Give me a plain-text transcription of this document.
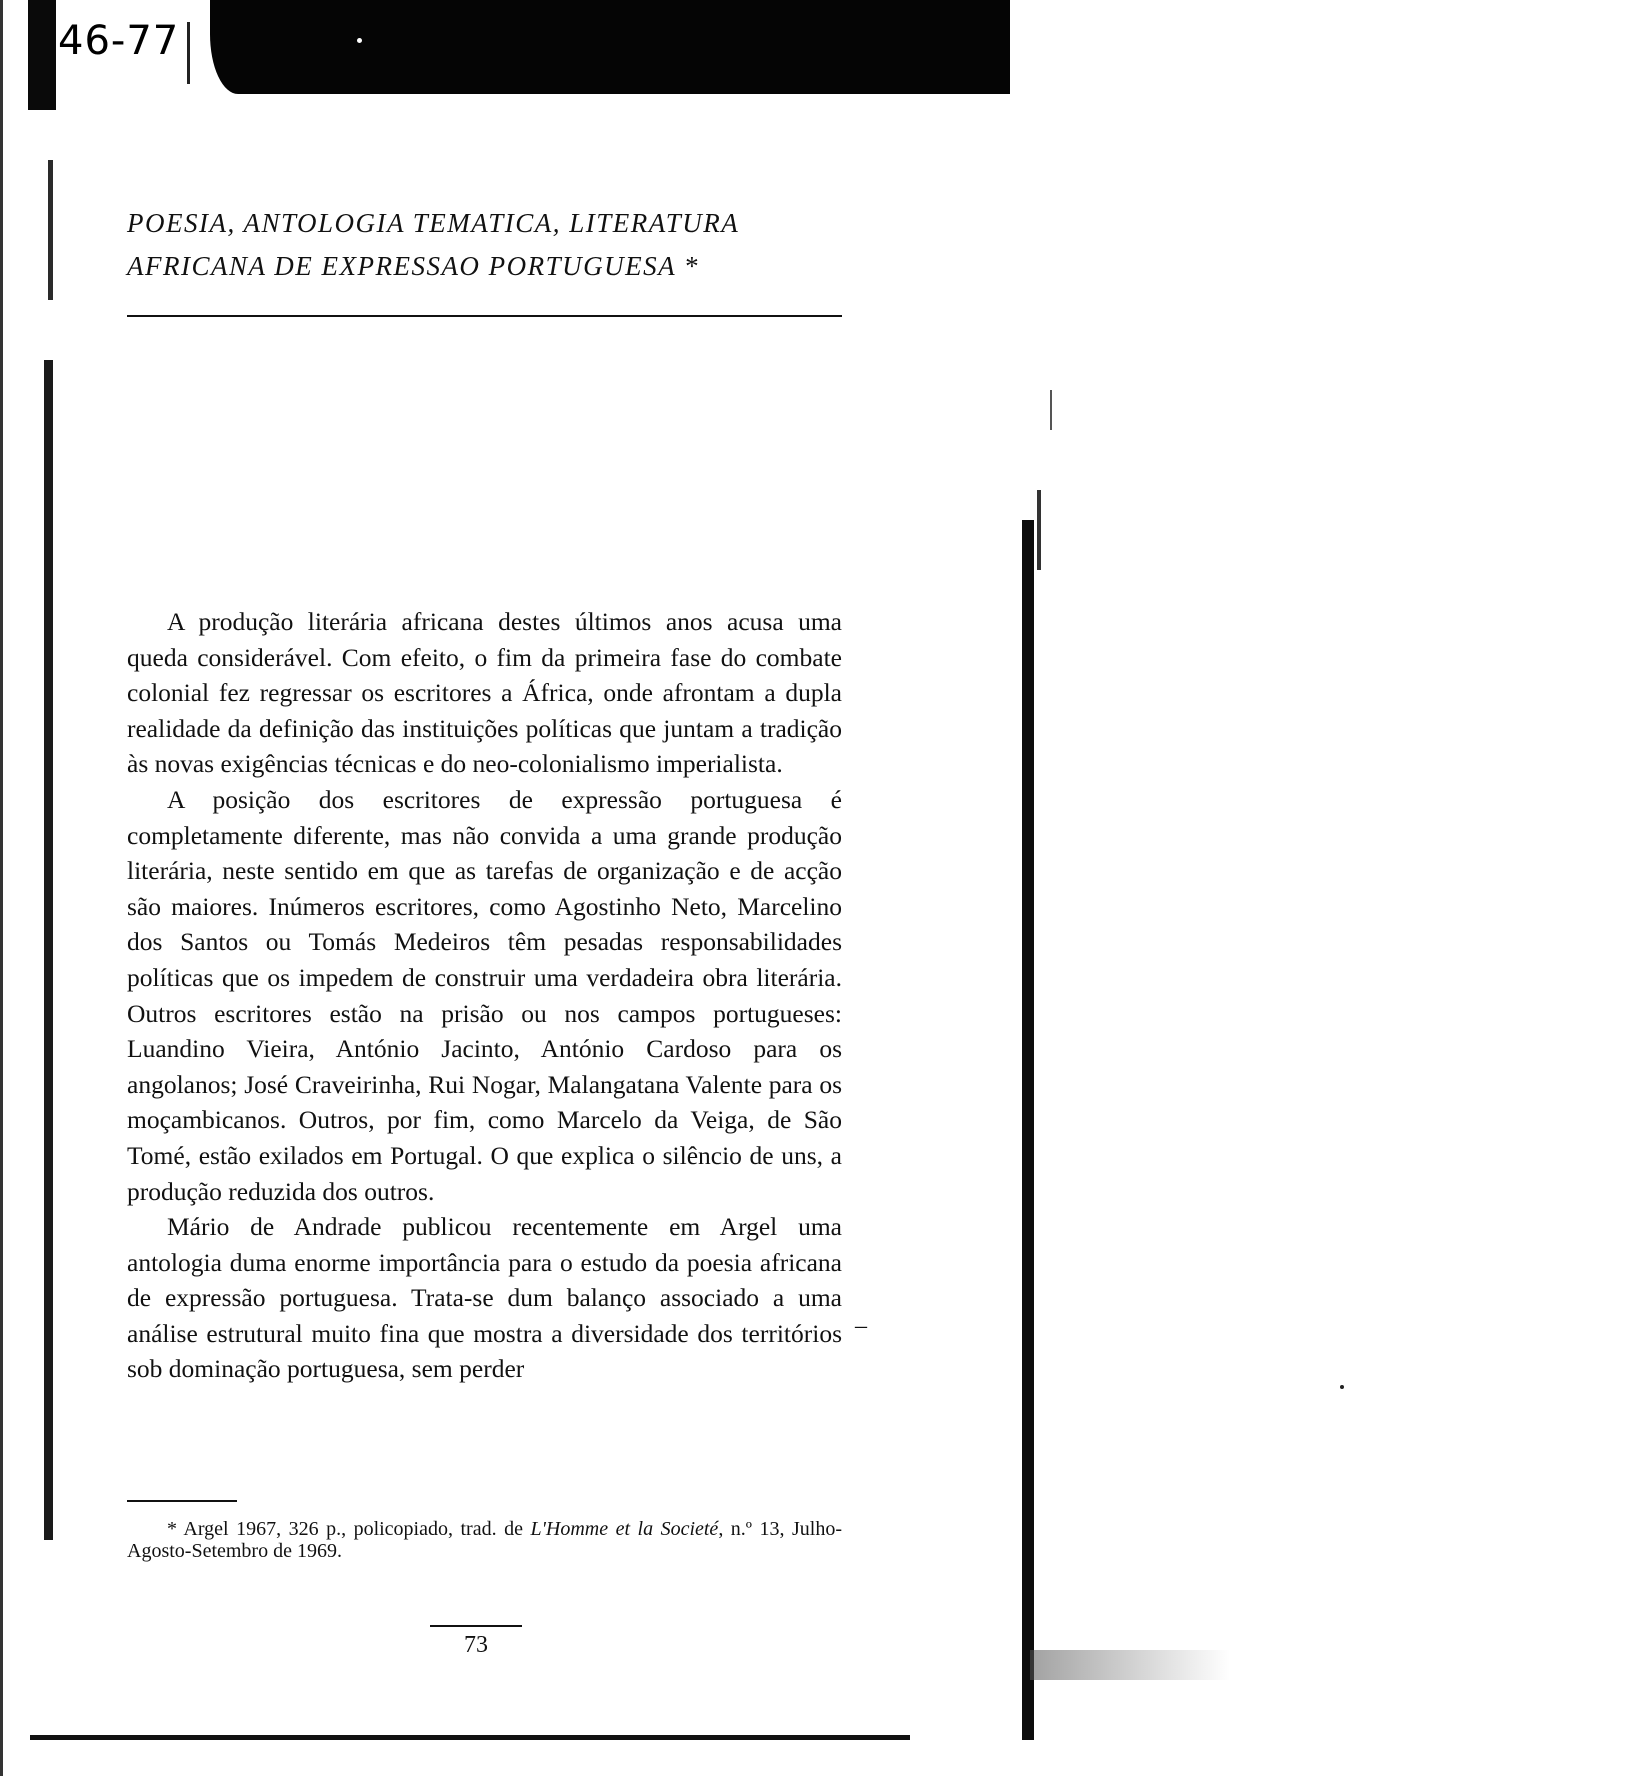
46-77
POESIA, ANTOLOGIA TEMATICA, LITERATURA
AFRICANA DE EXPRESSAO PORTUGUESA *

A produção literária africana destes últimos anos acusa uma queda considerável. Com efeito, o fim da primeira fase do combate colonial fez regressar os escritores a África, onde afrontam a dupla realidade da definição das instituições políticas que juntam a tradição às novas exigências técnicas e do neo-colonialismo imperialista.

A posição dos escritores de expressão portuguesa é completamente diferente, mas não convida a uma grande produção literária, neste sentido em que as tarefas de organização e de acção são maiores. Inúmeros escritores, como Agostinho Neto, Marcelino dos Santos ou Tomás Medeiros têm pesadas responsabilidades políticas que os impedem de construir uma verdadeira obra literária. Outros escritores estão na prisão ou nos campos portugueses: Luandino Vieira, António Jacinto, António Cardoso para os angolanos; José Craveirinha, Rui Nogar, Malangatana Valente para os moçambicanos. Outros, por fim, como Marcelo da Veiga, de São Tomé, estão exilados em Portugal. O que explica o silêncio de uns, a produção reduzida dos outros.

Mário de Andrade publicou recentemente em Argel uma antologia duma enorme importância para o estudo da poesia africana de expressão portuguesa. Trata-se dum balanço associado a uma análise estrutural muito fina que mostra a diversidade dos territórios sob dominação portuguesa, sem perder

–

* Argel 1967, 326 p., policopiado, trad. de L'Homme et la Societé, n.º 13, Julho-Agosto-Setembro de 1969.

73
